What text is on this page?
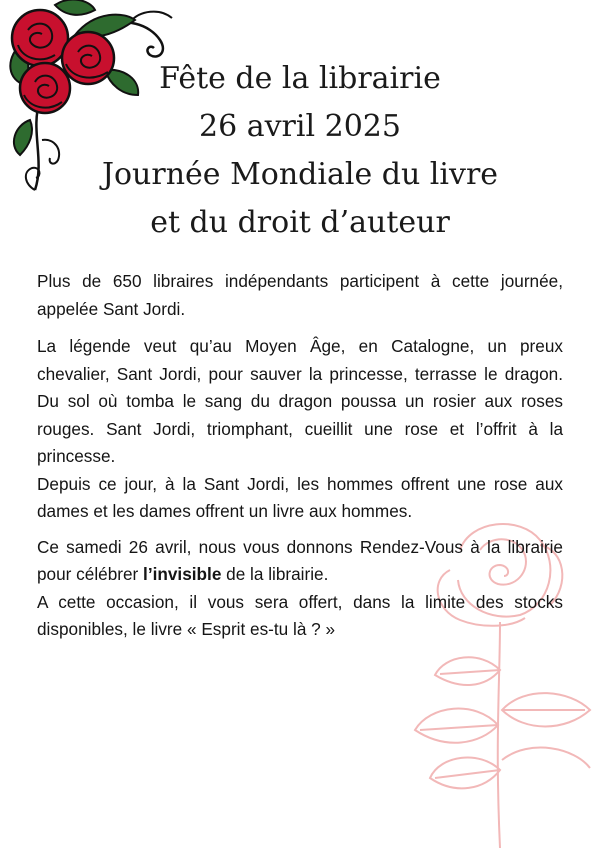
Fête de la librairie
26 avril 2025
Journée Mondiale du livre
et du droit d’auteur

Plus de 650 libraires indépendants participent à cette journée, appelée Sant Jordi.

La légende veut qu’au Moyen Âge, en Catalogne, un preux chevalier, Sant Jordi, pour sauver la princesse, terrasse le dragon. Du sol où tomba le sang du dragon poussa un rosier aux roses rouges. Sant Jordi, triomphant, cueillit une rose et l’offrit à la princesse.

Depuis ce jour, à la Sant Jordi, les hommes offrent une rose aux dames et les dames offrent un livre aux hommes.

Ce samedi 26 avril, nous vous donnons Rendez-Vous à la librairie pour célébrer l’invisible de la librairie.

A cette occasion, il vous sera offert, dans la limite des stocks disponibles, le livre « Esprit es-tu là ? »
